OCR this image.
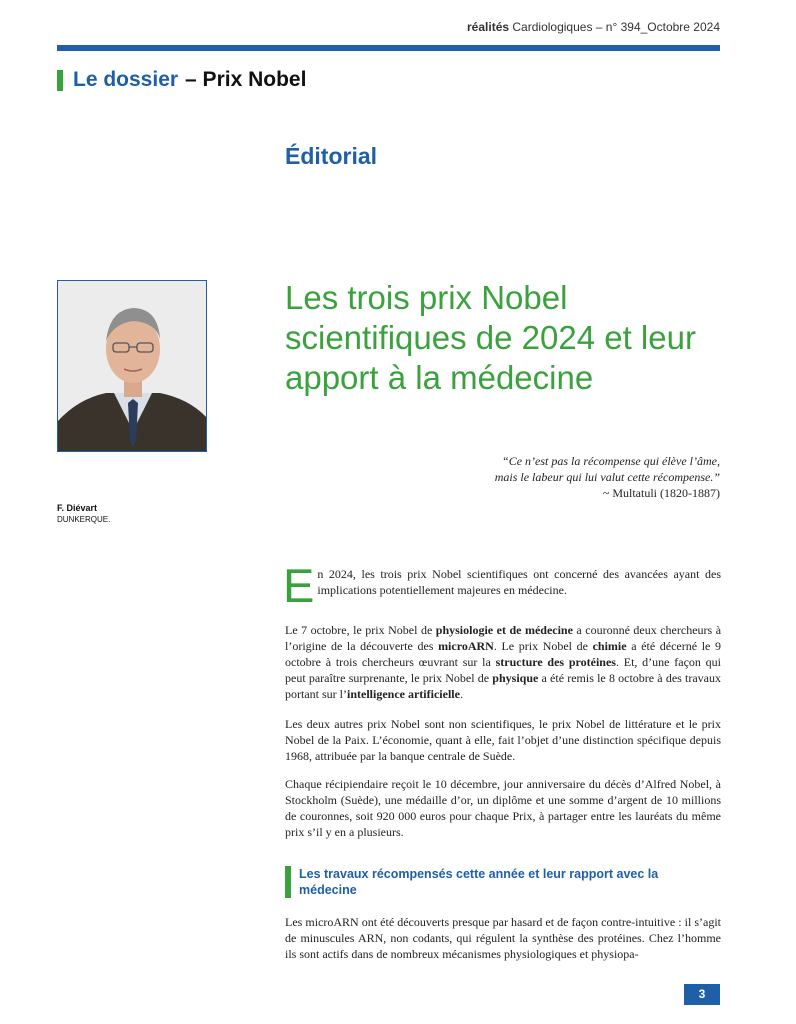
réalités Cardiologiques – n° 394_Octobre 2024
Le dossier – Prix Nobel
Éditorial
F. Diévart
DUNKERQUE.
Les trois prix Nobel scientifiques de 2024 et leur apport à la médecine
“Ce n’est pas la récompense qui élève l’âme,
mais le labeur qui lui valut cette récompense.”
~ Multatuli (1820-1887)

En 2024, les trois prix Nobel scientifiques ont concerné des avancées ayant des implications potentiellement majeures en médecine.

Le 7 octobre, le prix Nobel de physiologie et de médecine a couronné deux chercheurs à l’origine de la découverte des microARN. Le prix Nobel de chimie a été décerné le 9 octobre à trois chercheurs œuvrant sur la structure des protéines. Et, d’une façon qui peut paraître surprenante, le prix Nobel de physique a été remis le 8 octobre à des travaux portant sur l’intelligence artificielle.

Les deux autres prix Nobel sont non scientifiques, le prix Nobel de littérature et le prix Nobel de la Paix. L’économie, quant à elle, fait l’objet d’une distinction spécifique depuis 1968, attribuée par la banque centrale de Suède.

Chaque récipiendaire reçoit le 10 décembre, jour anniversaire du décès d’Alfred Nobel, à Stockholm (Suède), une médaille d’or, un diplôme et une somme d’argent de 10 millions de couronnes, soit 920 000 euros pour chaque Prix, à partager entre les lauréats du même prix s’il y en a plusieurs.

Les travaux récompensés cette année et leur rapport avec la médecine

Les microARN ont été découverts presque par hasard et de façon contre-intuitive : il s’agit de minuscules ARN, non codants, qui régulent la synthèse des protéines. Chez l’homme ils sont actifs dans de nombreux mécanismes physiologiques et physiopa-

3
